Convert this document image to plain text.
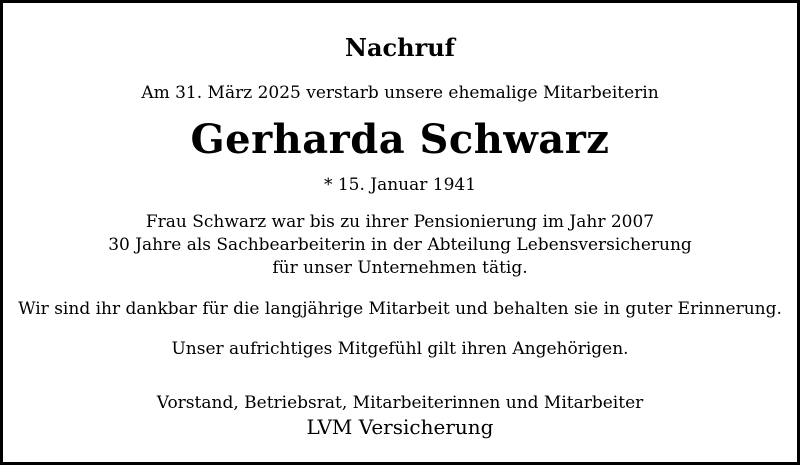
Nachruf
Am 31. März 2025 verstarb unsere ehemalige Mitarbeiterin
Gerharda Schwarz
* 15. Januar 1941
Frau Schwarz war bis zu ihrer Pensionierung im Jahr 2007
30 Jahre als Sachbearbeiterin in der Abteilung Lebensversicherung
für unser Unternehmen tätig.
Wir sind ihr dankbar für die langjährige Mitarbeit und behalten sie in guter Erinnerung.
Unser aufrichtiges Mitgefühl gilt ihren Angehörigen.
Vorstand, Betriebsrat, Mitarbeiterinnen und Mitarbeiter
LVM Versicherung
